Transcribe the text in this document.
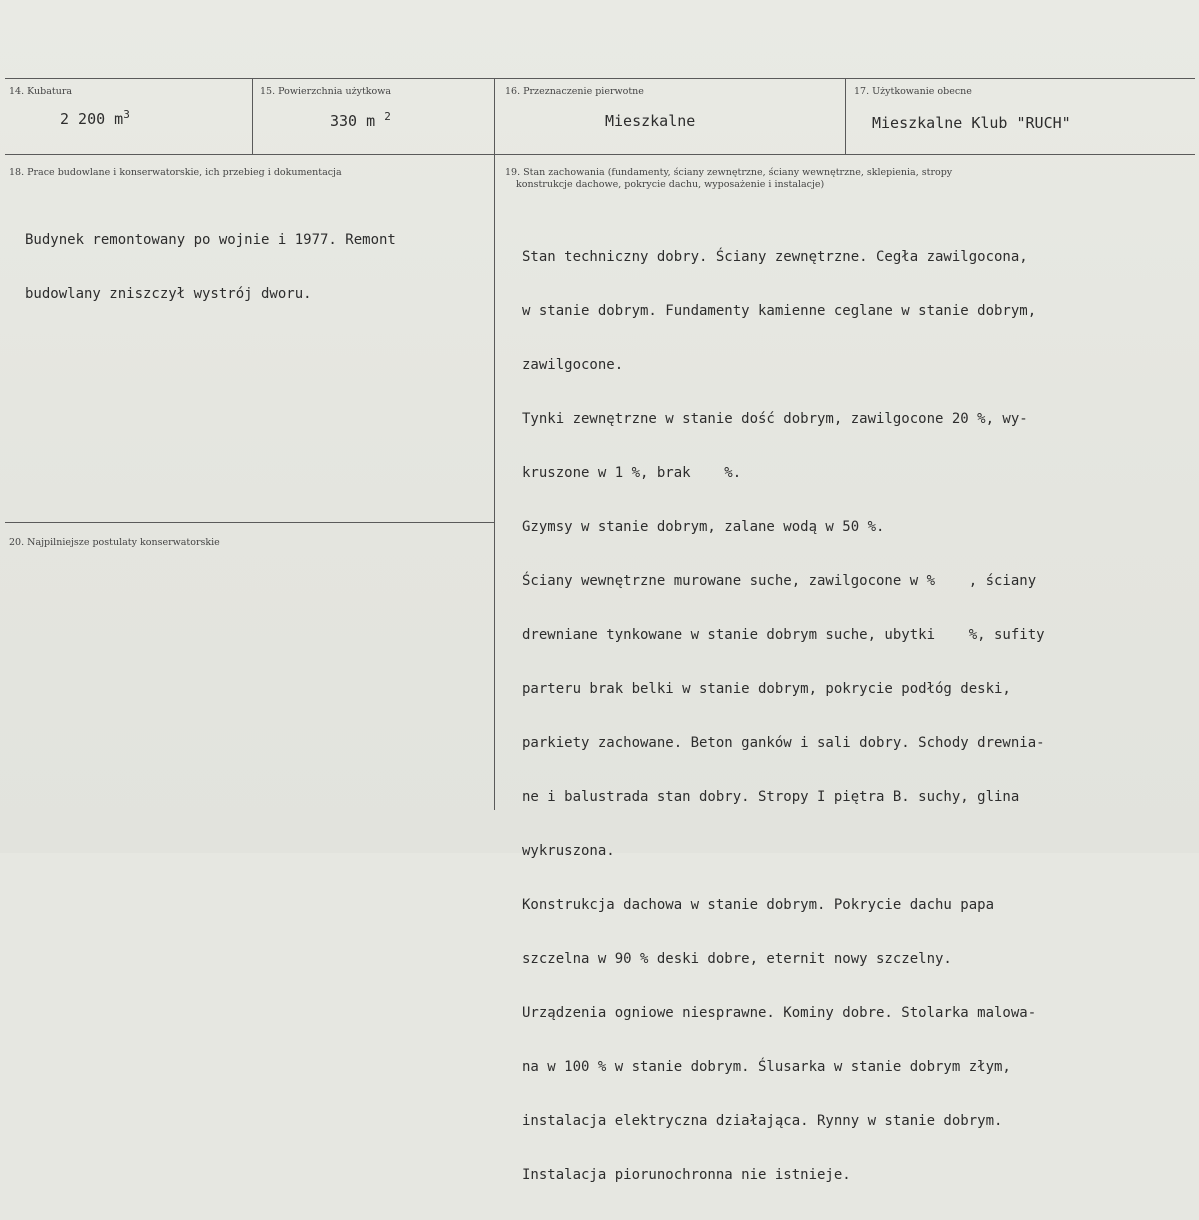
14. Kubatura
2 200 $m^3$
15. Powierzchnia użytkowa
330 m $^2$
16. Przeznaczenie pierwotne
Mieszkalne
17. Użytkowanie obecne
Mieszkalne Klub "RUCH"
18. Prace budowlane i konserwatorskie, ich przebieg i dokumentacja

Budynek remontowany po wojnie i 1977. Remont

budowlany zniszczył wystrój dworu.

19. Stan zachowania (fundamenty, ściany zewnętrzne, ściany wewnętrzne, sklepienia, stropy
konstrukcje dachowe, pokrycie dachu, wyposażenie i instalacje)

Stan techniczny dobry. Ściany zewnętrzne. Cegła zawilgocona,

w stanie dobrym. Fundamenty kamienne ceglane w stanie dobrym,

zawilgocone.

Tynki zewnętrzne w stanie dość dobrym, zawilgocone 20 %, wy-

kruszone w 1 %, brak    %.

Gzymsy w stanie dobrym, zalane wodą w 50 %.

Ściany wewnętrzne murowane suche, zawilgocone w %    , ściany

drewniane tynkowane w stanie dobrym suche, ubytki    %, sufity

parteru brak belki w stanie dobrym, pokrycie podłóg deski,

parkiety zachowane. Beton ganków i sali dobry. Schody drewnia-

ne i balustrada stan dobry. Stropy I piętra B. suchy, glina

wykruszona.

Konstrukcja dachowa w stanie dobrym. Pokrycie dachu papa

szczelna w 90 % deski dobre, eternit nowy szczelny.

Urządzenia ogniowe niesprawne. Kominy dobre. Stolarka malowa-

na w 100 % w stanie dobrym. Ślusarka w stanie dobrym złym,

instalacja elektryczna działająca. Rynny w stanie dobrym.

Instalacja piorunochronna nie istnieje.

20. Najpilniejsze postulaty konserwatorskie
